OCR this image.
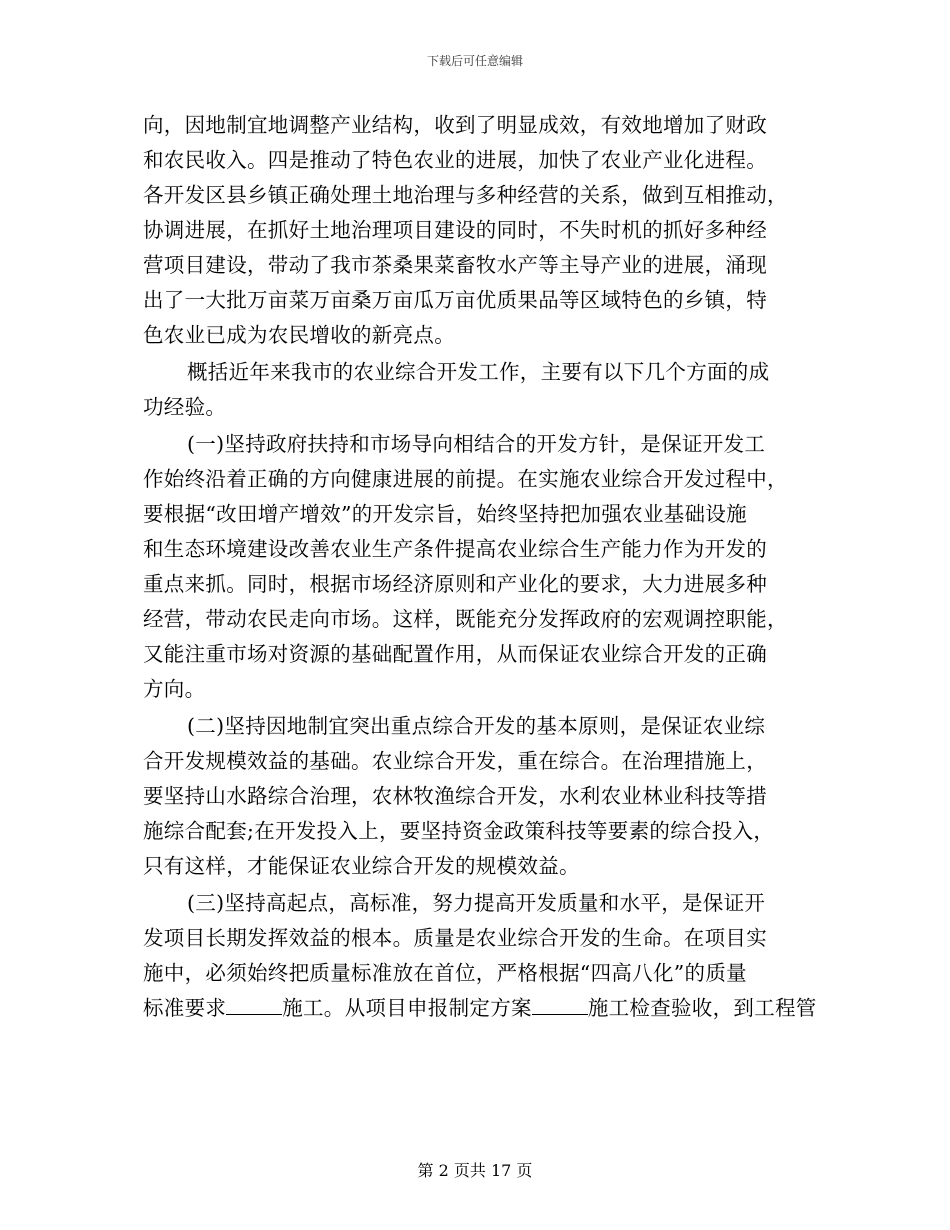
下载后可任意编辑

向，因地制宜地调整产业结构，收到了明显成效，有效地增加了财政
和农民收入。四是推动了特色农业的进展，加快了农业产业化进程。
各开发区县乡镇正确处理土地治理与多种经营的关系，做到互相推动，
协调进展，在抓好土地治理项目建设的同时，不失时机的抓好多种经
营项目建设，带动了我市茶桑果菜畜牧水产等主导产业的进展，涌现
出了一大批万亩菜万亩桑万亩瓜万亩优质果品等区域特色的乡镇，特
色农业已成为农民增收的新亮点。

概括近年来我市的农业综合开发工作，主要有以下几个方面的成
功经验。

(一)坚持政府扶持和市场导向相结合的开发方针，是保证开发工
作始终沿着正确的方向健康进展的前提。在实施农业综合开发过程中，
要根据“改田增产增效”的开发宗旨，始终坚持把加强农业基础设施
和生态环境建设改善农业生产条件提高农业综合生产能力作为开发的
重点来抓。同时，根据市场经济原则和产业化的要求，大力进展多种
经营，带动农民走向市场。这样，既能充分发挥政府的宏观调控职能，
又能注重市场对资源的基础配置作用，从而保证农业综合开发的正确
方向。

(二)坚持因地制宜突出重点综合开发的基本原则，是保证农业综
合开发规模效益的基础。农业综合开发，重在综合。在治理措施上，
要坚持山水路综合治理，农林牧渔综合开发，水利农业林业科技等措
施综合配套;在开发投入上，要坚持资金政策科技等要素的综合投入，
只有这样，才能保证农业综合开发的规模效益。

(三)坚持高起点，高标准，努力提高开发质量和水平，是保证开
发项目长期发挥效益的根本。质量是农业综合开发的生命。在项目实
施中，必须始终把质量标准放在首位，严格根据“四高八化”的质量
标准要求	施工。从项目申报制定方案	施工检查验收，到工程管

第 2 页共 17 页
